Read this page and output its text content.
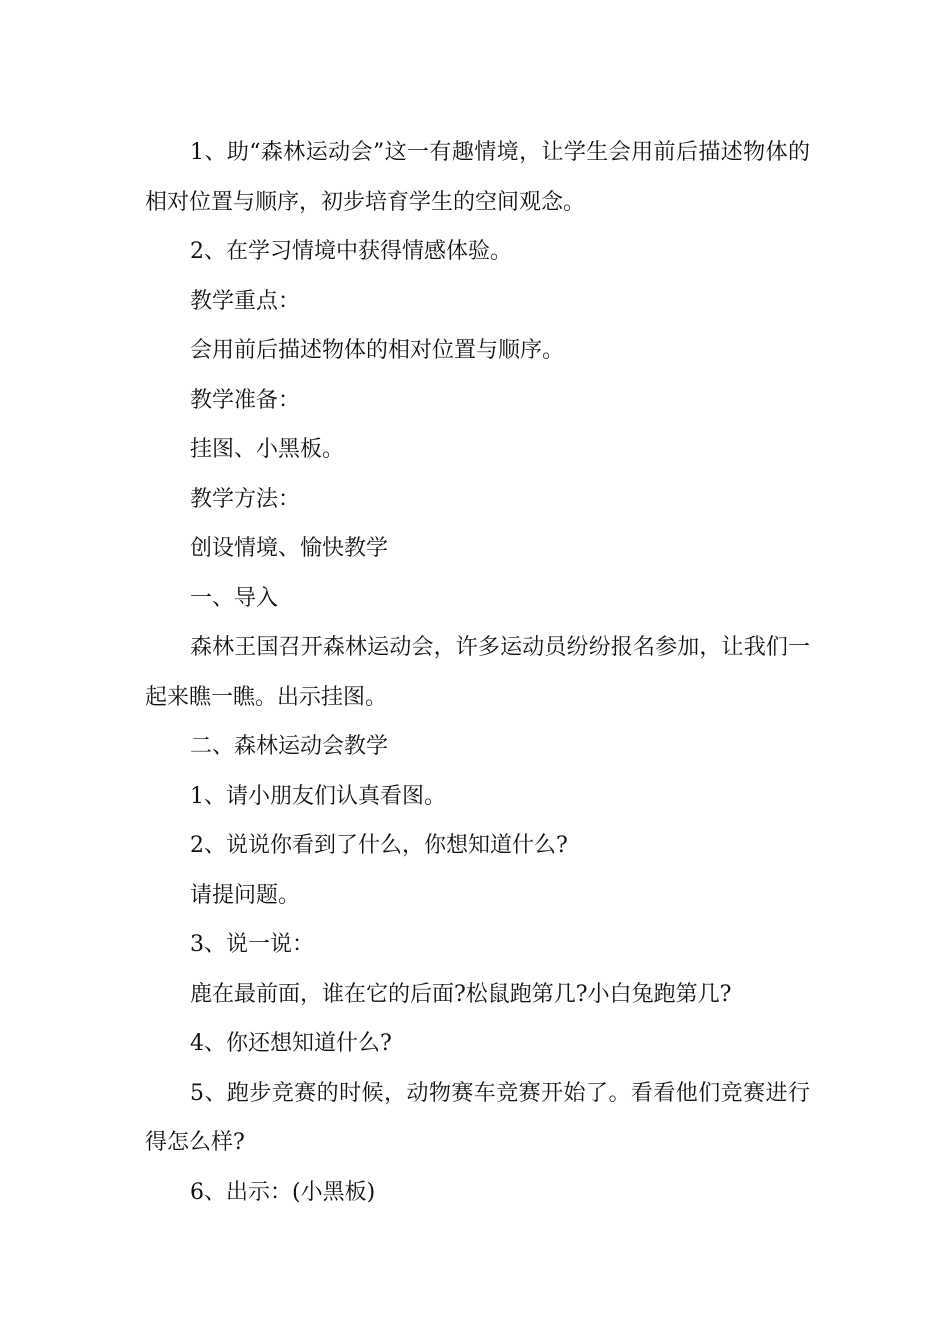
1、助“森林运动会”这一有趣情境，让学生会用前后描述物体的相对位置与顺序，初步培育学生的空间观念。

2、在学习情境中获得情感体验。

教学重点：

会用前后描述物体的相对位置与顺序。

教学准备：

挂图、小黑板。

教学方法：

创设情境、愉快教学

一、导入

森林王国召开森林运动会，许多运动员纷纷报名参加，让我们一起来瞧一瞧。出示挂图。

二、森林运动会教学

1、请小朋友们认真看图。

2、说说你看到了什么，你想知道什么?

请提问题。

3、说一说：

鹿在最前面，谁在它的后面?松鼠跑第几?小白兔跑第几?

4、你还想知道什么?

5、跑步竞赛的时候，动物赛车竞赛开始了。看看他们竞赛进行得怎么样?

6、出示：(小黑板)
